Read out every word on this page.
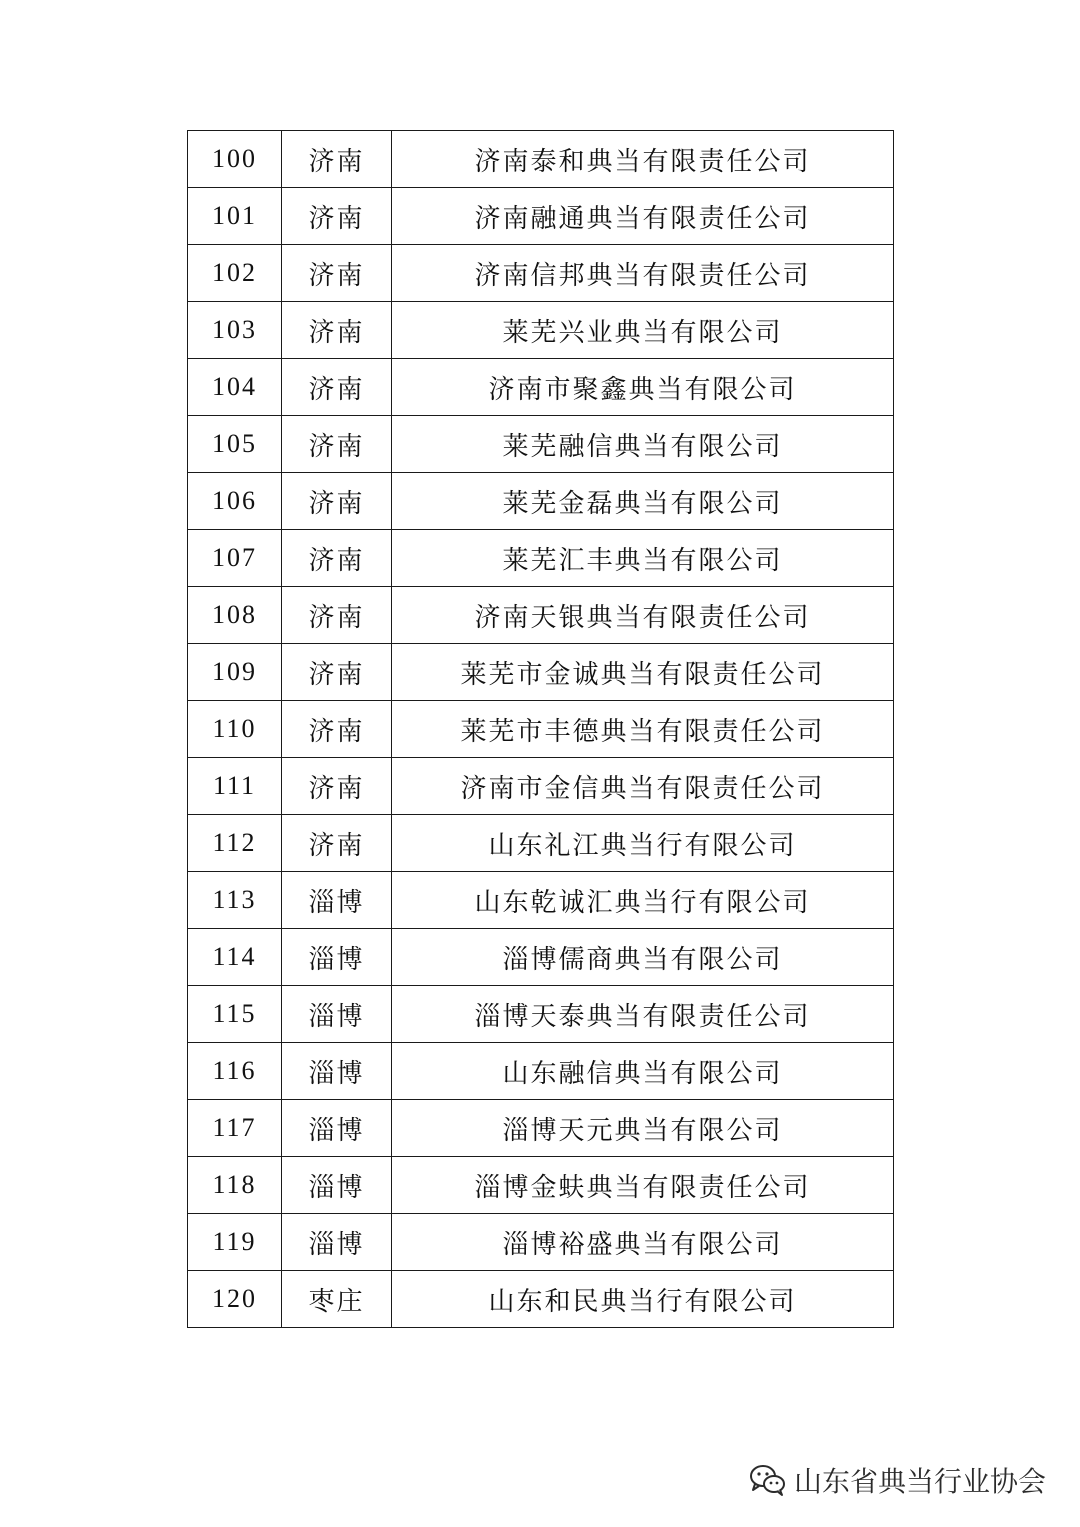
100	济南	济南泰和典当有限责任公司
101	济南	济南融通典当有限责任公司
102	济南	济南信邦典当有限责任公司
103	济南	莱芜兴业典当有限公司
104	济南	济南市聚鑫典当有限公司
105	济南	莱芜融信典当有限公司
106	济南	莱芜金磊典当有限公司
107	济南	莱芜汇丰典当有限公司
108	济南	济南天银典当有限责任公司
109	济南	莱芜市金诚典当有限责任公司
110	济南	莱芜市丰德典当有限责任公司
111	济南	济南市金信典当有限责任公司
112	济南	山东礼江典当行有限公司
113	淄博	山东乾诚汇典当行有限公司
114	淄博	淄博儒商典当有限公司
115	淄博	淄博天泰典当有限责任公司
116	淄博	山东融信典当有限公司
117	淄博	淄博天元典当有限公司
118	淄博	淄博金蚨典当有限责任公司
119	淄博	淄博裕盛典当有限公司
120	枣庄	山东和民典当行有限公司
山东省典当行业协会
